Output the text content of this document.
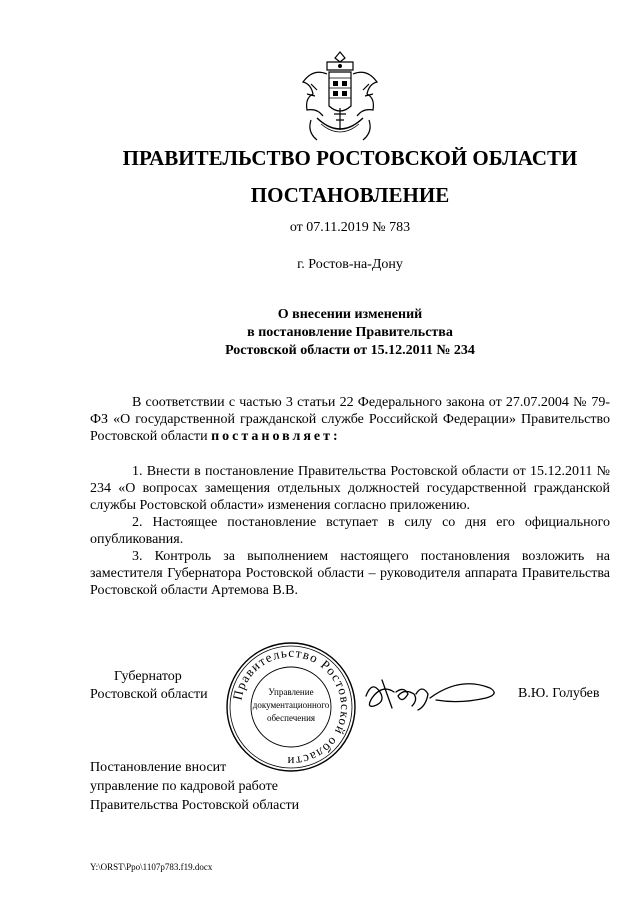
ПРАВИТЕЛЬСТВО РОСТОВСКОЙ ОБЛАСТИ
ПОСТАНОВЛЕНИЕ
от 07.11.2019 № 783
г. Ростов-на-Дону
О внесении изменений
в постановление Правительства
Ростовской области от 15.12.2011 № 234

В соответствии с частью 3 статьи 22 Федерального закона от 27.07.2004 № 79-ФЗ «О государственной гражданской службе Российской Федерации» Правительство Ростовской области постановляет:

1. Внести в постановление Правительства Ростовской области от 15.12.2011 № 234 «О вопросах замещения отдельных должностей государственной гражданской службы Ростовской области» изменения согласно приложению.

2. Настоящее постановление вступает в силу со дня его официального опубликования.

3. Контроль за выполнением настоящего постановления возложить на заместителя Губернатора Ростовской области – руководителя аппарата Правительства Ростовской области Артемова В.В.

Губернатор
Ростовской области	Правительство Ростовской области
Управление
документационного
обеспечения
В.Ю. Голубев
Постановление вносит
управление по кадровой работе
Правительства Ростовской области
Y:\ORST\Ppo\1107p783.f19.docx
